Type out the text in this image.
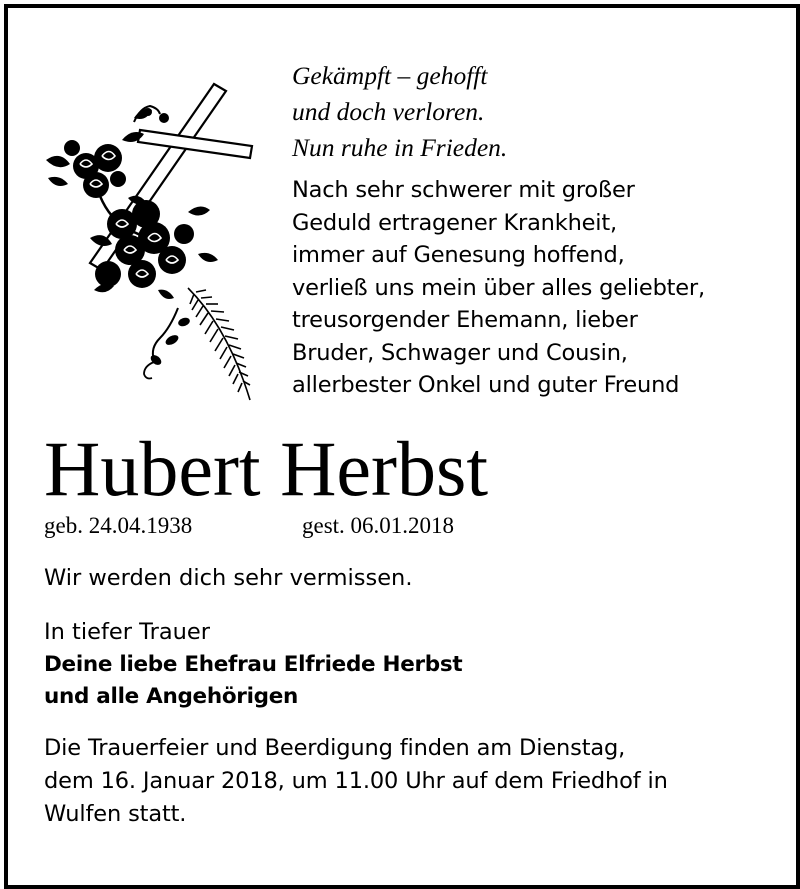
Gekämpft – gehofft
und doch verloren.
Nun ruhe in Frieden.
Nach sehr schwerer mit großer
Geduld ertragener Krankheit,
immer auf Genesung hoffend,
verließ uns mein über alles geliebter,
treusorgender Ehemann, lieber
Bruder, Schwager und Cousin,
allerbester Onkel und guter Freund
Hubert Herbst
geb. 24.04.1938	gest. 06.01.2018
Wir werden dich sehr vermissen.
In tiefer Trauer
Deine liebe Ehefrau Elfriede Herbst
und alle Angehörigen
Die Trauerfeier und Beerdigung finden am Dienstag,
dem 16. Januar 2018, um 11.00 Uhr auf dem Friedhof in
Wulfen statt.
